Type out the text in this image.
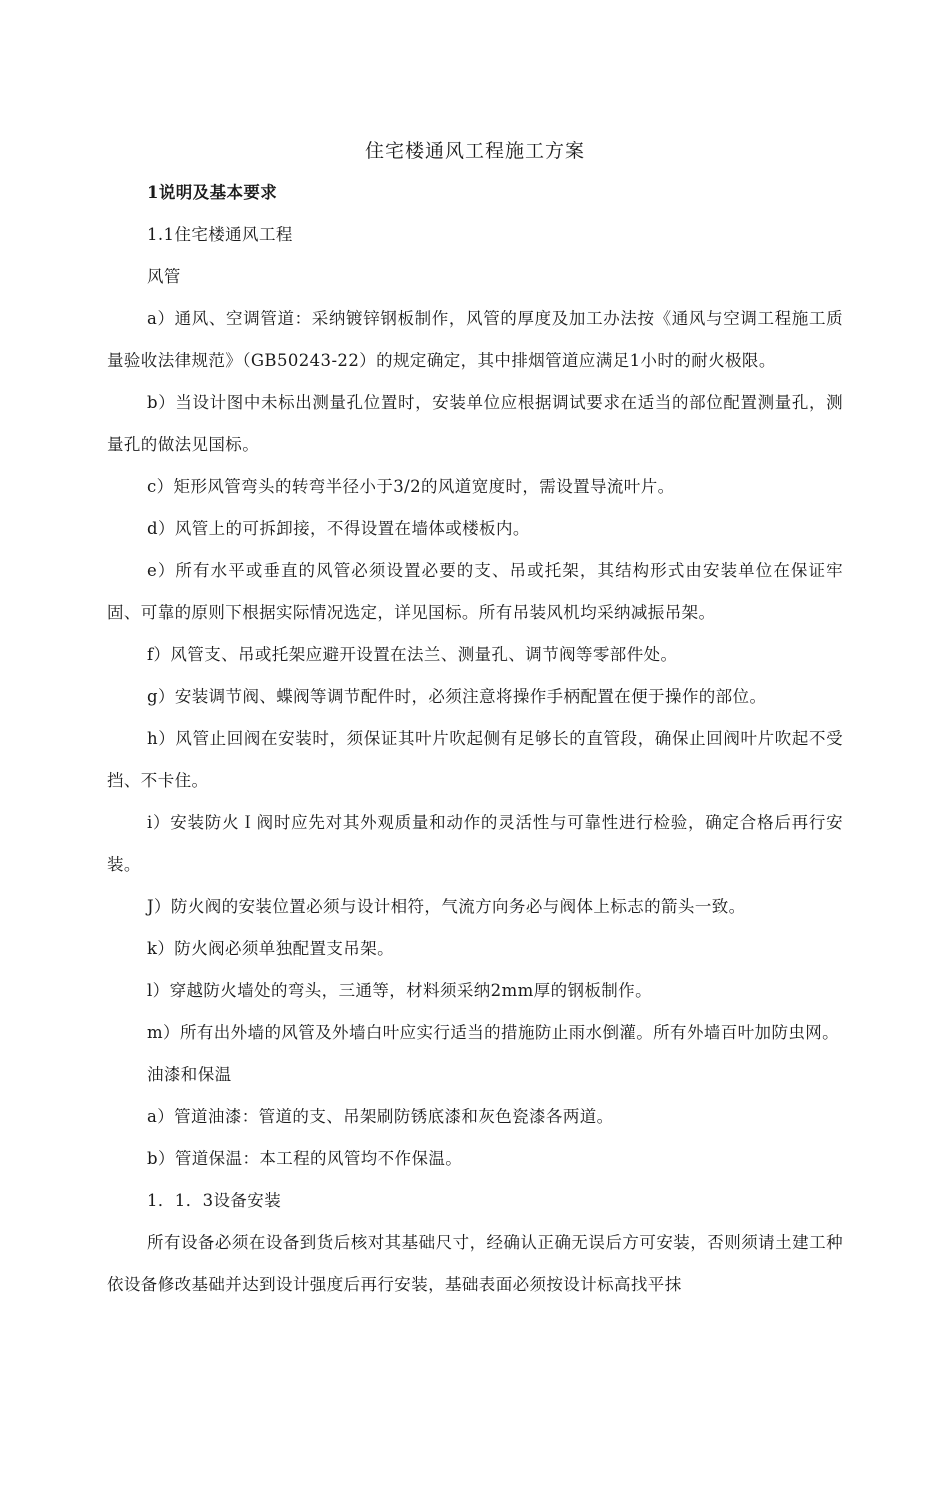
住宅楼通风工程施工方案

1说明及基本要求

1.1住宅楼通风工程

风管

a）通风、空调管道：采纳镀锌钢板制作，风管的厚度及加工办法按《通风与空调工程施工质量验收法律规范》（GB50243-22）的规定确定，其中排烟管道应满足1小时的耐火极限。

b）当设计图中未标出测量孔位置时，安装单位应根据调试要求在适当的部位配置测量孔，测量孔的做法见国标。

c）矩形风管弯头的转弯半径小于3/2的风道宽度时，需设置导流叶片。

d）风管上的可拆卸接，不得设置在墙体或楼板内。

e）所有水平或垂直的风管必须设置必要的支、吊或托架，其结构形式由安装单位在保证牢固、可靠的原则下根据实际情况选定，详见国标。所有吊装风机均采纳减振吊架。

f）风管支、吊或托架应避开设置在法兰、测量孔、调节阀等零部件处。

g）安装调节阀、蝶阀等调节配件时，必须注意将操作手柄配置在便于操作的部位。

h）风管止回阀在安装时，须保证其叶片吹起侧有足够长的直管段，确保止回阀叶片吹起不受挡、不卡住。

i）安装防火Ｉ阀时应先对其外观质量和动作的灵活性与可靠性进行检验，确定合格后再行安装。

J）防火阀的安装位置必须与设计相符，气流方向务必与阀体上标志的箭头一致。

k）防火阀必须单独配置支吊架。

l）穿越防火墙处的弯头，三通等，材料须采纳2mm厚的钢板制作。

m）所有出外墙的风管及外墙白叶应实行适当的措施防止雨水倒灌。所有外墙百叶加防虫网。

油漆和保温

a）管道油漆：管道的支、吊架刷防锈底漆和灰色瓷漆各两道。

b）管道保温：本工程的风管均不作保温。

1．1．3设备安装

所有设备必须在设备到货后核对其基础尺寸，经确认正确无误后方可安装，否则须请土建工种依设备修改基础并达到设计强度后再行安装，基础表面必须按设计标高找平抹
